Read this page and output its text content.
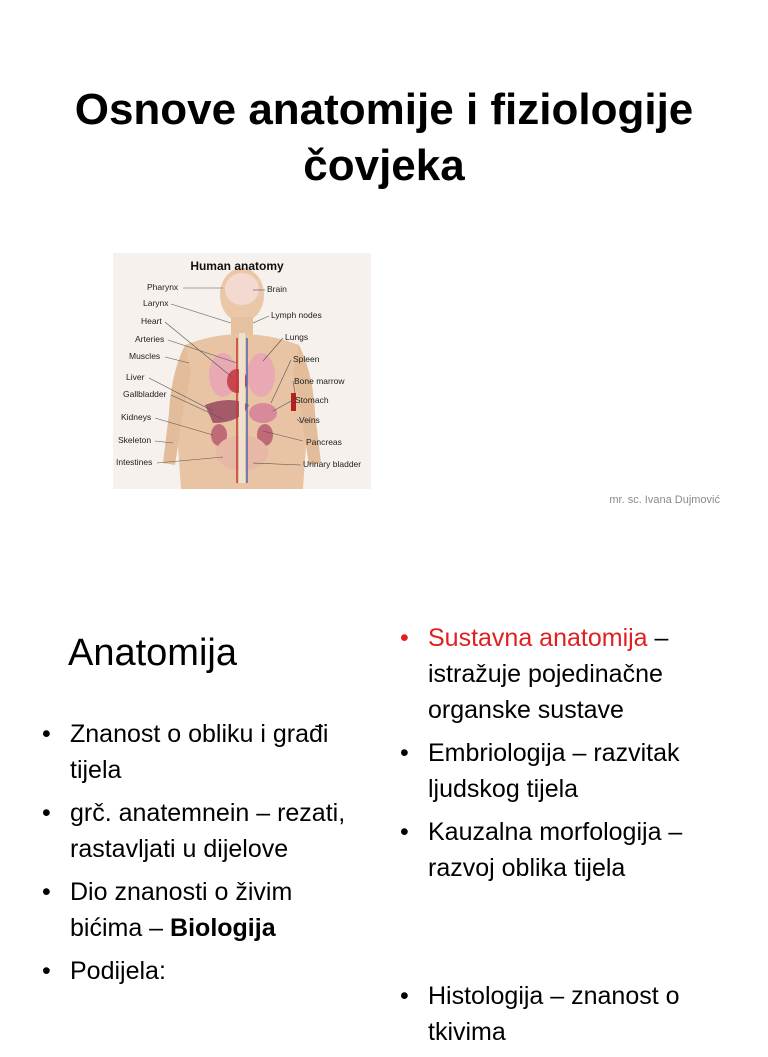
Osnove anatomije i fiziologije
čovjeka
Human anatomy
Pharynx
Larynx
Heart
Arteries
Muscles
Liver
Gallbladder
Kidneys
Skeleton
Intestines
Brain
Lymph nodes
Lungs
Spleen
Bone marrow
Stomach
Veins
Pancreas
Urinary bladder
mr. sc. Ivana Dujmović
Anatomija
• Znanost o obliku i građi tijela
• grč. anatemnein – rezati, rastavljati u dijelove
• Dio znanosti o živim bićima – Biologija
• Podijela:
• Sustavna anatomija – istražuje pojedinačne organske sustave
• Embriologija – razvitak ljudskog tijela
• Kauzalna morfologija – razvoj oblika tijela
• Histologija – znanost o tkivima
